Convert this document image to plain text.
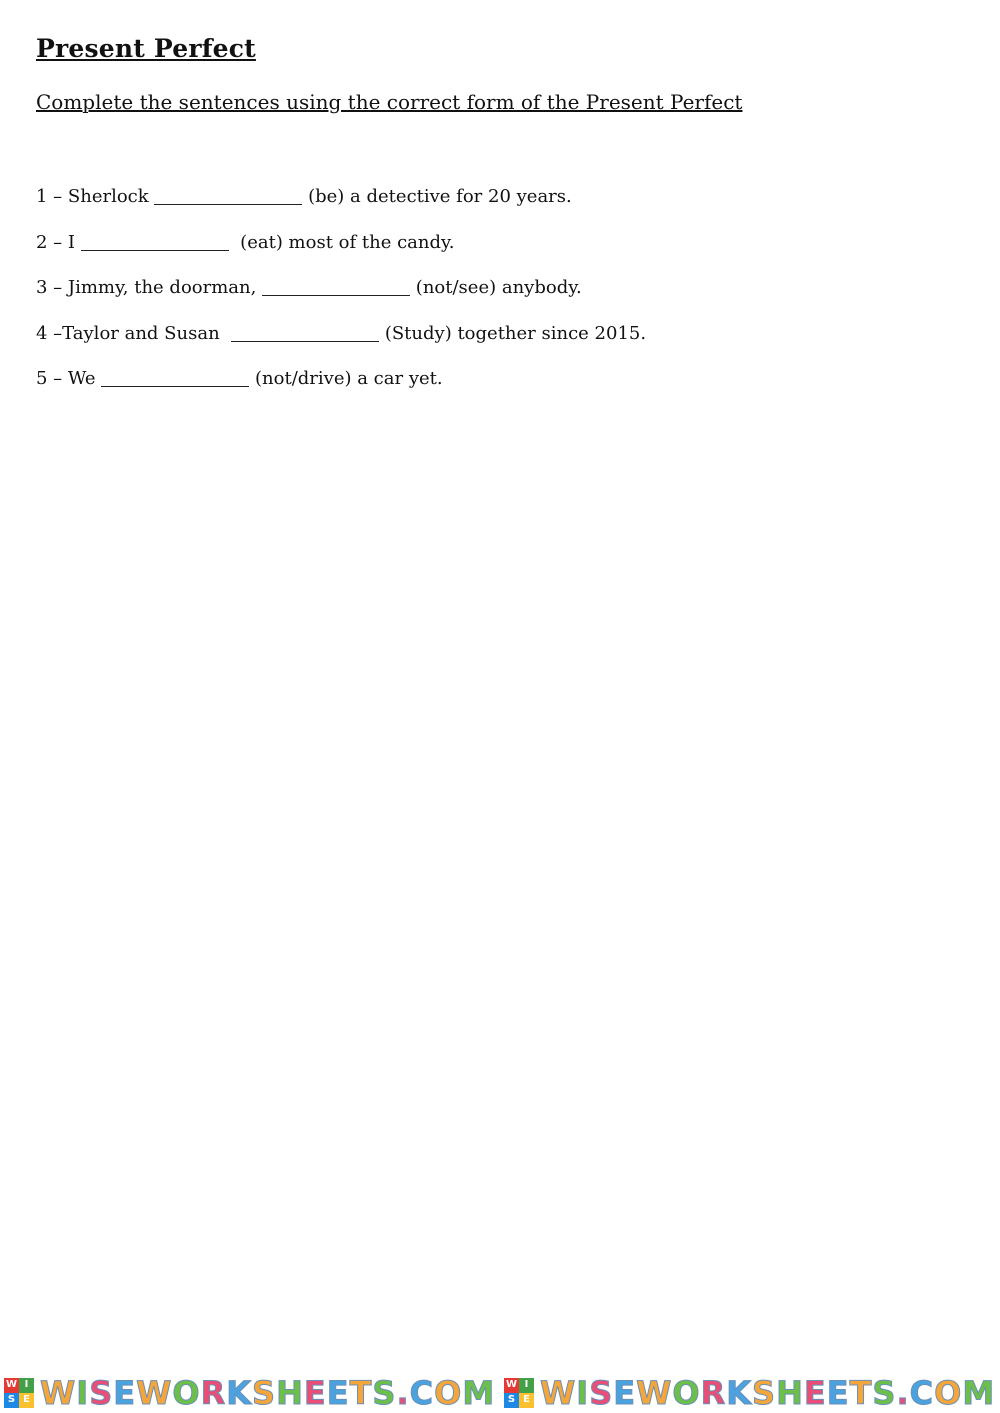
Present Perfect

Complete the sentences using the correct form of the Present Perfect

1 – Sherlock	(be) a detective for 20 years.
2 – I	(eat) most of the candy.
3 – Jimmy, the doorman,	(not/see) anybody.
4 –Taylor and Susan	(Study) together since 2015.
5 – We	(not/drive) a car yet.
W I
S E WISEWORKSHEETS.COM W I
S E WISEWORKSHEETS.COM
